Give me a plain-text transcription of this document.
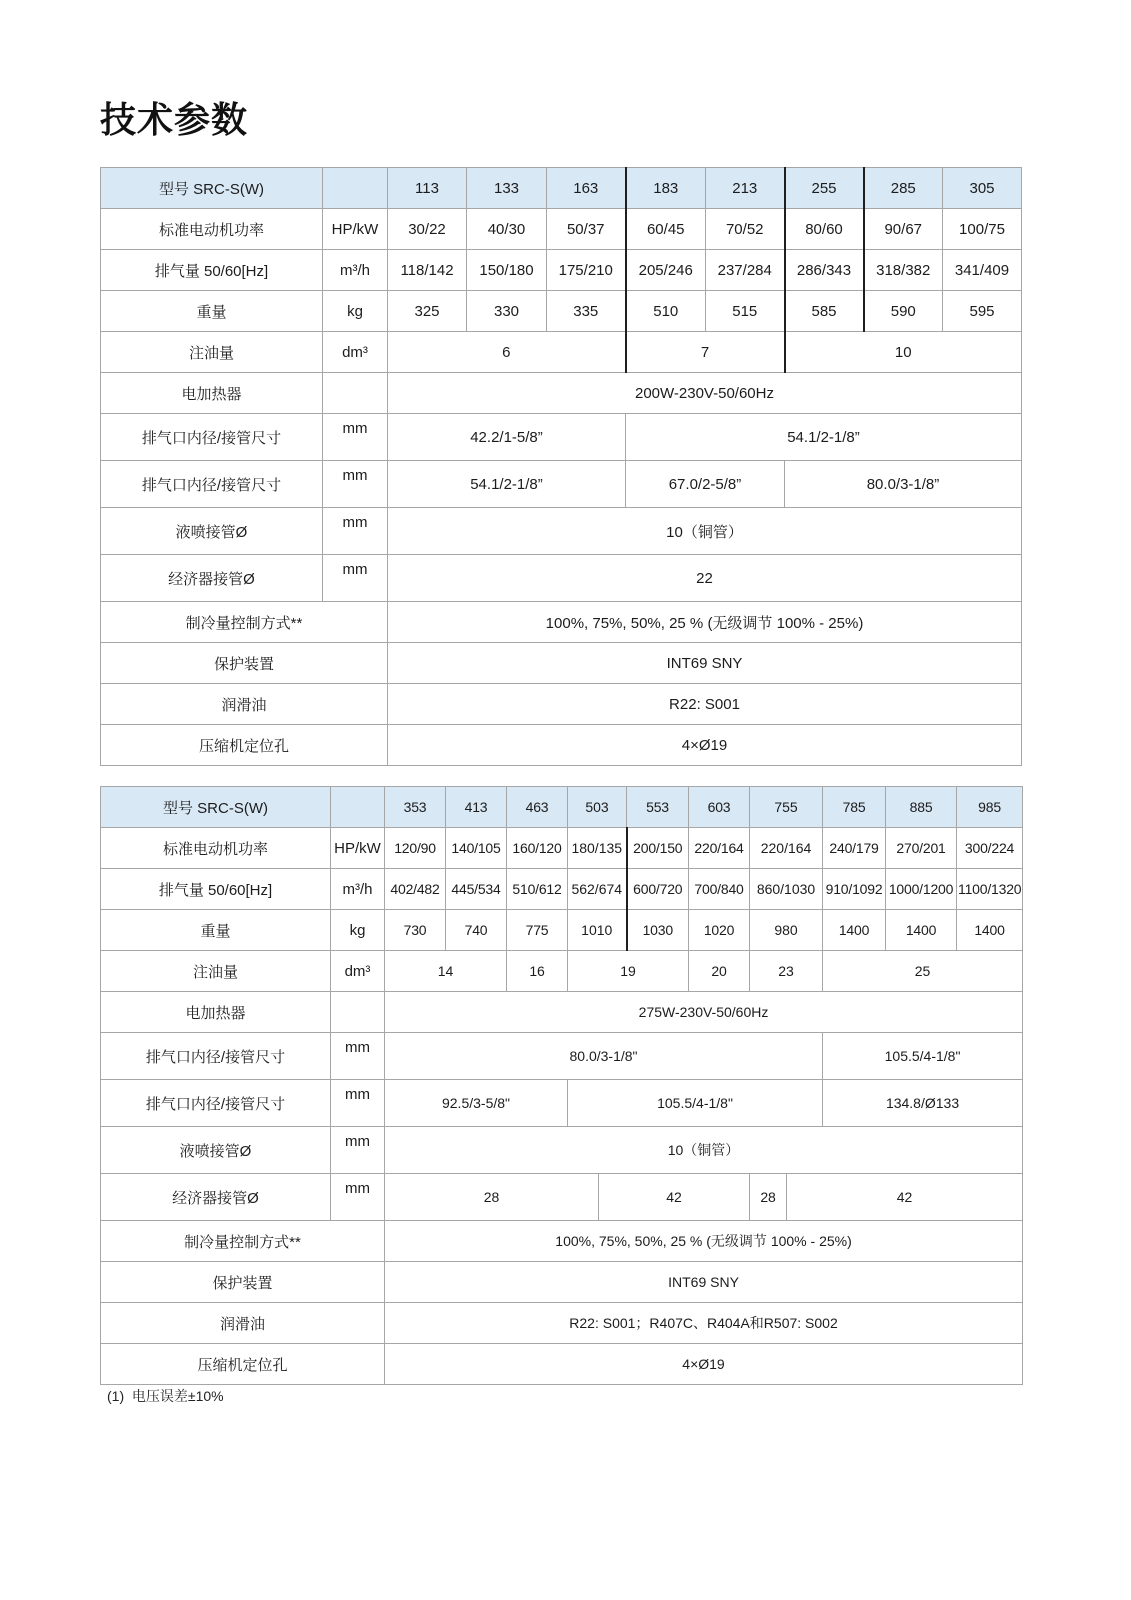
技术参数
型号 SRC-S(W)		113	133	163	183	213	255	285	305
标准电动机功率	HP/kW	30/22	40/30	50/37	60/45	70/52	80/60	90/67	100/75
排气量 50/60[Hz]	m³/h	118/142	150/180	175/210	205/246	237/284	286/343	318/382	341/409
重量	kg	325	330	335	510	515	585	590	595
注油量	dm³	6			7		10		
电加热器		200W-230V-50/60Hz							
排气口内径/接管尺寸	mm	42.2/1-5/8”			54.1/2-1/8”				
排气口内径/接管尺寸	mm	54.1/2-1/8”			67.0/2-5/8”		80.0/3-1/8”		
液喷接管Ø	mm	10（铜管）							
经济器接管Ø	mm	22							
制冷量控制方式**		100%, 75%, 50%, 25 % (无级调节 100% - 25%)							
保护装置		INT69 SNY							
润滑油		R22: S001							
压缩机定位孔		4×Ø19							
型号 SRC-S(W)		353	413	463	503		553	603	755		785	885	985
标准电动机功率	HP/kW	120/90	140/105	160/120	180/135		200/150	220/164	220/164		240/179	270/201	300/224
排气量 50/60[Hz]	m³/h	402/482	445/534	510/612	562/674		600/720	700/840	860/1030		910/1092	1000/1200	1100/1320
重量	kg	730	740	775	1010		1030	1020	980		1400	1400	1400
注油量	dm³	14		16	19			20	23		25		
电加热器		275W-230V-50/60Hz											
排气口内径/接管尺寸	mm	80.0/3-1/8"									105.5/4-1/8"		
排气口内径/接管尺寸	mm	92.5/3-5/8"			105.5/4-1/8"						134.8/Ø133		
液喷接管Ø	mm	10（铜管）											
经济器接管Ø	mm	28				42			28	42			
制冷量控制方式**		100%, 75%, 50%, 25 % (无级调节 100% - 25%)											
保护装置		INT69 SNY											
润滑油		R22: S001；R407C、R404A和R507: S002											
压缩机定位孔		4×Ø19											
(1)  电压误差±10%
